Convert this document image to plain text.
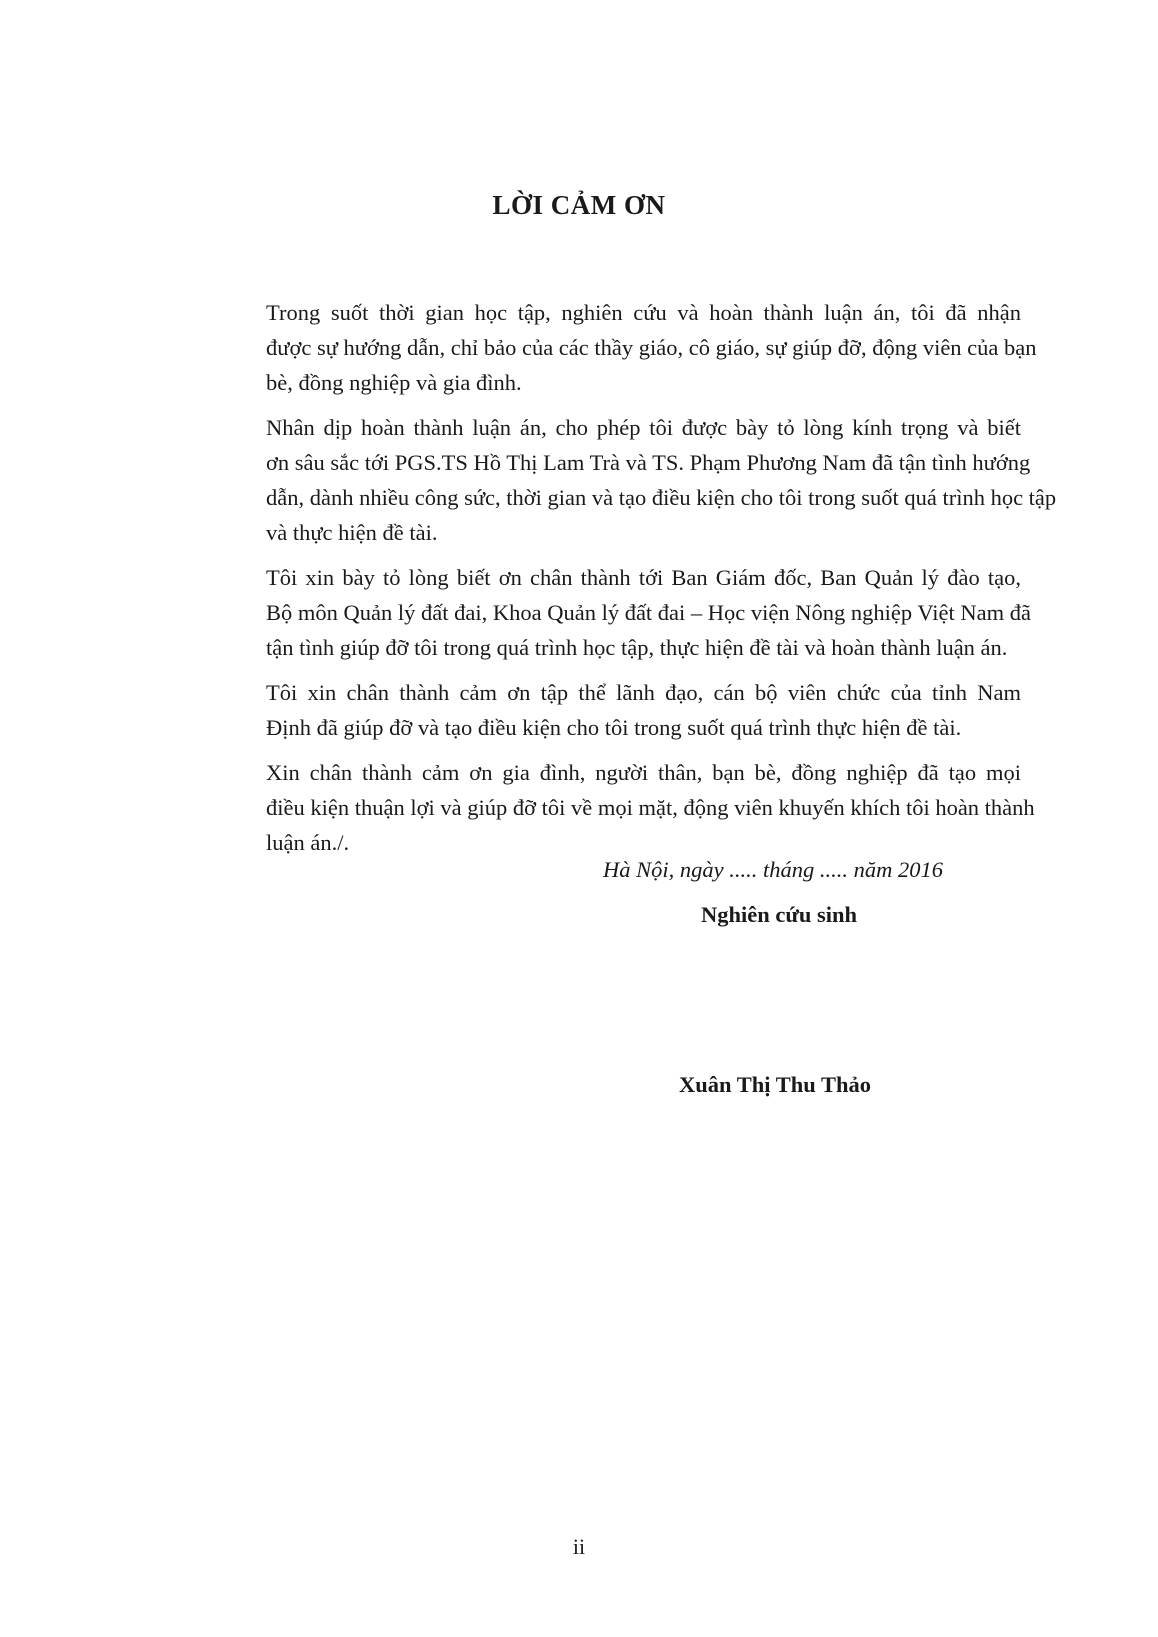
LỜI CẢM ƠN
Trong suốt thời gian học tập, nghiên cứu và hoàn thành luận án, tôi đã nhận
được sự hướng dẫn, chỉ bảo của các thầy giáo, cô giáo, sự giúp đỡ, động viên của bạn
bè, đồng nghiệp và gia đình.
Nhân dịp hoàn thành luận án, cho phép tôi được bày tỏ lòng kính trọng và biết
ơn sâu sắc tới PGS.TS Hồ Thị Lam Trà và TS. Phạm Phương Nam đã tận tình hướng
dẫn, dành nhiều công sức, thời gian và tạo điều kiện cho tôi trong suốt quá trình học tập
và thực hiện đề tài.
Tôi xin bày tỏ lòng biết ơn chân thành tới Ban Giám đốc, Ban Quản lý đào tạo,
Bộ môn Quản lý đất đai, Khoa Quản lý đất đai – Học viện Nông nghiệp Việt Nam đã
tận tình giúp đỡ tôi trong quá trình học tập, thực hiện đề tài và hoàn thành luận án.
Tôi xin chân thành cảm ơn tập thể lãnh đạo, cán bộ viên chức của tỉnh Nam
Định đã giúp đỡ và tạo điều kiện cho tôi trong suốt quá trình thực hiện đề tài.
Xin chân thành cảm ơn gia đình, người thân, bạn bè, đồng nghiệp đã tạo mọi
điều kiện thuận lợi và giúp đỡ tôi về mọi mặt, động viên khuyến khích tôi hoàn thành
luận án./.
Hà Nội, ngày ..... tháng ..... năm 2016
Nghiên cứu sinh
Xuân Thị Thu Thảo
ii
